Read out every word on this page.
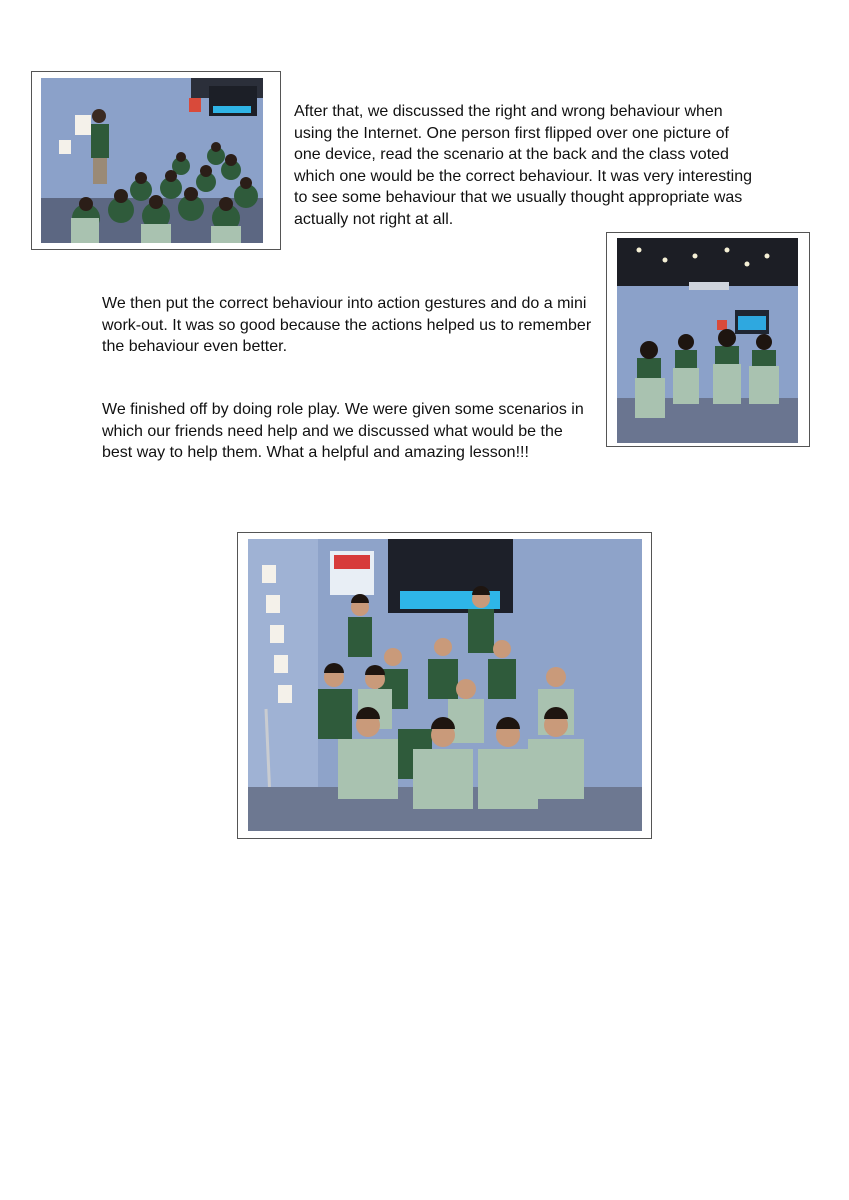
After that, we discussed the right and wrong behaviour when using the Internet. One person first flipped over one picture of one device, read the scenario at the back and the class voted which one would be the correct behaviour. It was very interesting to see some behaviour that we usually thought appropriate was actually not right at all.

We then put the correct behaviour into action gestures and do a mini work-out. It was so good because the actions helped us to remember the behaviour even better.

We finished off by doing role play. We were given some scenarios in which our friends need help and we discussed what would be the best way to help them. What a helpful and amazing lesson!!!
